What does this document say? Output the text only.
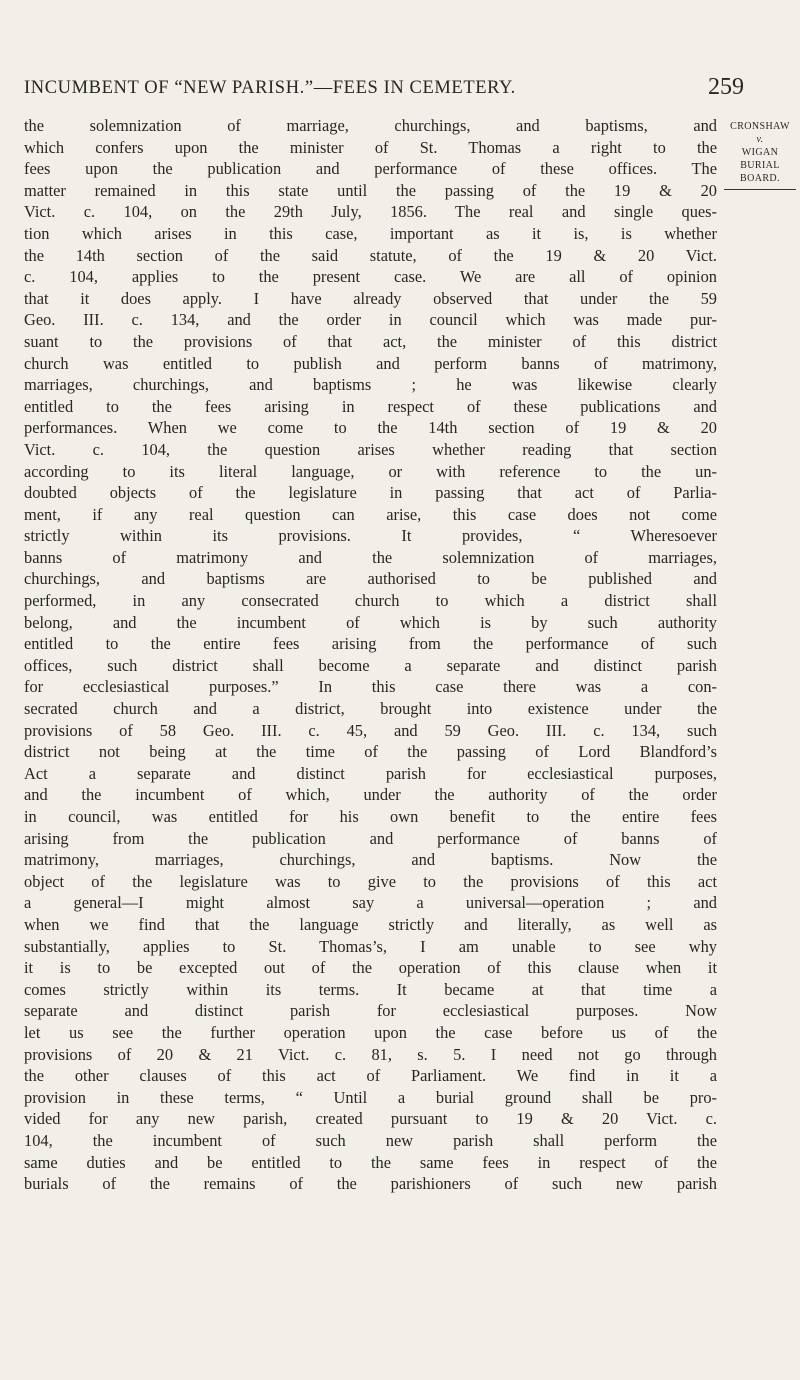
INCUMBENT OF “NEW PARISH.”—FEES IN CEMETERY.	259
CRONSHAW
v.
WIGAN
BURIAL
BOARD.
the solemnization of marriage, churchings, and baptisms, and
which confers upon the minister of St. Thomas a right to the
fees upon the publication and performance of these offices. The
matter remained in this state until the passing of the 19 & 20
Vict. c. 104, on the 29th July, 1856. The real and single ques-
tion which arises in this case, important as it is, is whether
the 14th section of the said statute, of the 19 & 20 Vict.
c. 104, applies to the present case. We are all of opinion
that it does apply. I have already observed that under the 59
Geo. III. c. 134, and the order in council which was made pur-
suant to the provisions of that act, the minister of this district
church was entitled to publish and perform banns of matrimony,
marriages, churchings, and baptisms ; he was likewise clearly
entitled to the fees arising in respect of these publications and
performances. When we come to the 14th section of 19 & 20
Vict. c. 104, the question arises whether reading that section
according to its literal language, or with reference to the un-
doubted objects of the legislature in passing that act of Parlia-
ment, if any real question can arise, this case does not come
strictly within its provisions. It provides, “ Wheresoever
banns of matrimony and the solemnization of marriages,
churchings, and baptisms are authorised to be published and
performed, in any consecrated church to which a district shall
belong, and the incumbent of which is by such authority
entitled to the entire fees arising from the performance of such
offices, such district shall become a separate and distinct parish
for ecclesiastical purposes.” In this case there was a con-
secrated church and a district, brought into existence under the
provisions of 58 Geo. III. c. 45, and 59 Geo. III. c. 134, such
district not being at the time of the passing of Lord Blandford’s
Act a separate and distinct parish for ecclesiastical purposes,
and the incumbent of which, under the authority of the order
in council, was entitled for his own benefit to the entire fees
arising from the publication and performance of banns of
matrimony, marriages, churchings, and baptisms. Now the
object of the legislature was to give to the provisions of this act
a general—I might almost say a universal—operation ; and
when we find that the language strictly and literally, as well as
substantially, applies to St. Thomas’s, I am unable to see why
it is to be excepted out of the operation of this clause when it
comes strictly within its terms. It became at that time a
separate and distinct parish for ecclesiastical purposes. Now
let us see the further operation upon the case before us of the
provisions of 20 & 21 Vict. c. 81, s. 5. I need not go through
the other clauses of this act of Parliament. We find in it a
provision in these terms, “ Until a burial ground shall be pro-
vided for any new parish, created pursuant to 19 & 20 Vict. c.
104, the incumbent of such new parish shall perform the
same duties and be entitled to the same fees in respect of the
burials of the remains of the parishioners of such new parish
